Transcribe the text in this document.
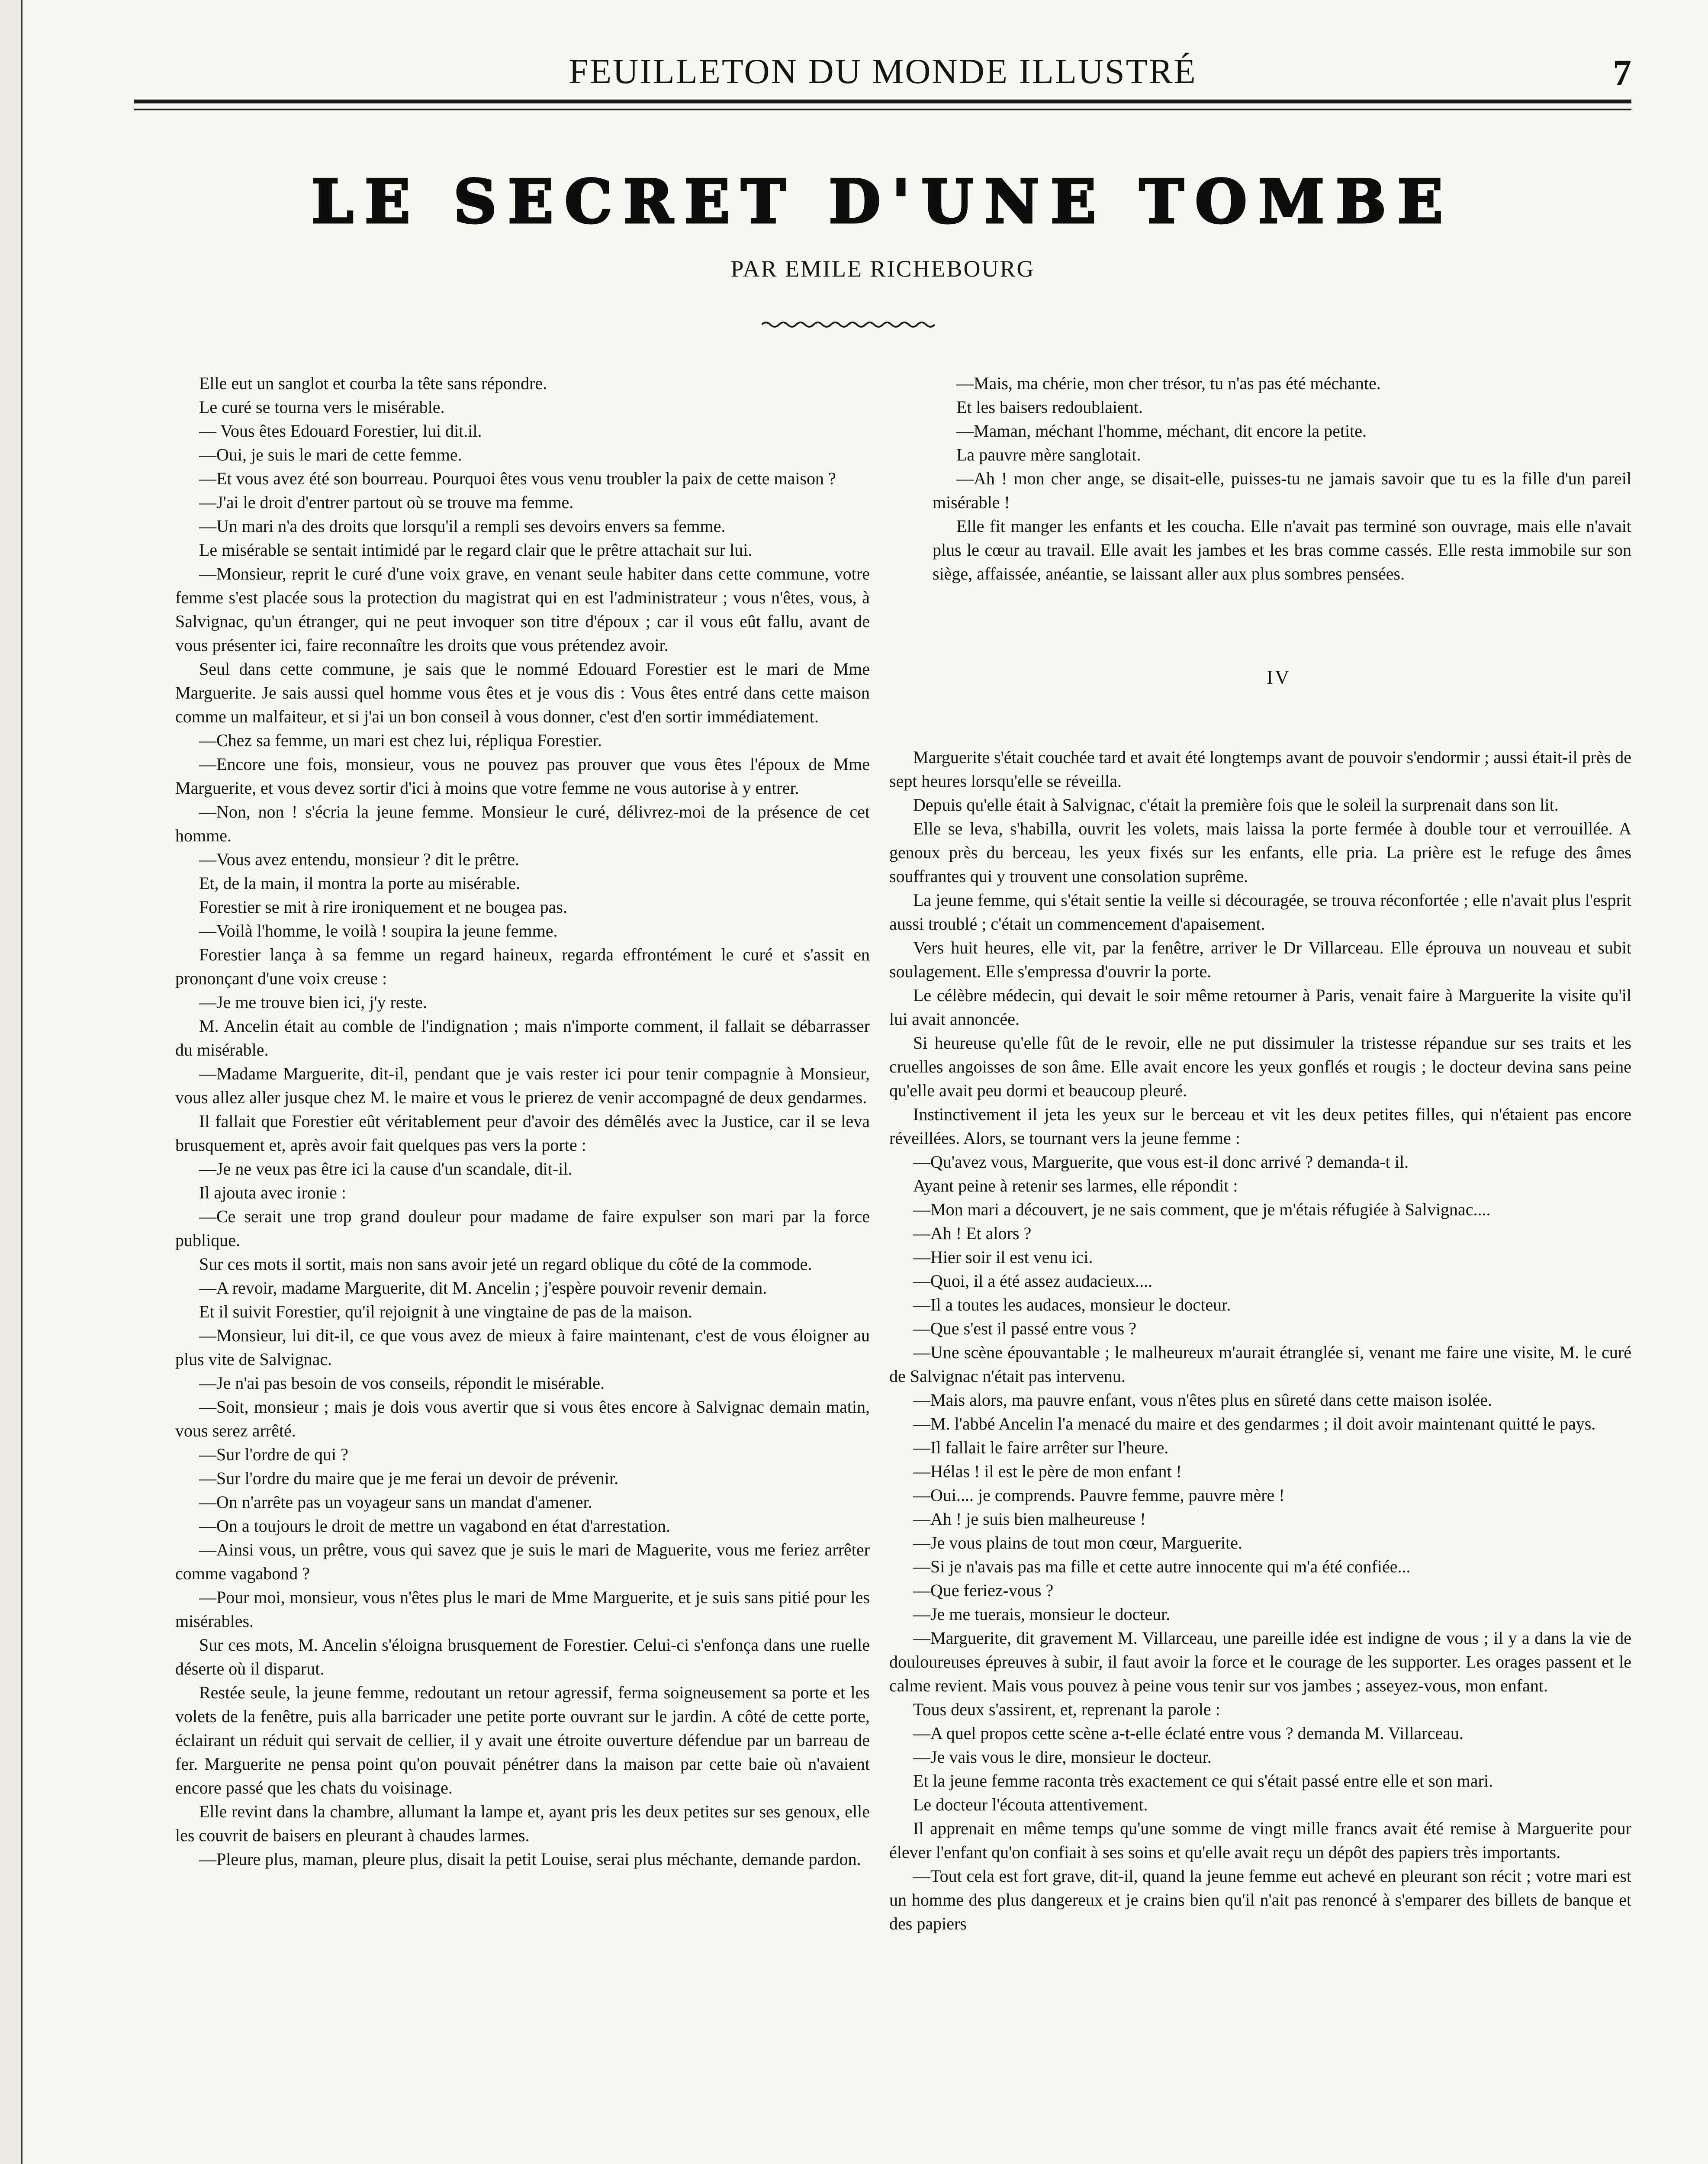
FEUILLETON DU MONDE ILLUSTRÉ	7
LE SECRET D'UNE TOMBE
PAR EMILE RICHEBOURG

Elle eut un sanglot et courba la tête sans répondre.

Le curé se tourna vers le misérable.

— Vous êtes Edouard Forestier, lui dit.il.

—Oui, je suis le mari de cette femme.

—Et vous avez été son bourreau. Pourquoi êtes vous venu troubler la paix de cette maison ?

—J'ai le droit d'entrer partout où se trouve ma femme.

—Un mari n'a des droits que lorsqu'il a rempli ses devoirs envers sa femme.

Le misérable se sentait intimidé par le regard clair que le prêtre attachait sur lui.

—Monsieur, reprit le curé d'une voix grave, en venant seule habiter dans cette commune, votre femme s'est placée sous la protection du magistrat qui en est l'administrateur ; vous n'êtes, vous, à Salvignac, qu'un étranger, qui ne peut invoquer son titre d'époux ; car il vous eût fallu, avant de vous présenter ici, faire reconnaître les droits que vous prétendez avoir.

Seul dans cette commune, je sais que le nommé Edouard Forestier est le mari de Mme Marguerite. Je sais aussi quel homme vous êtes et je vous dis : Vous êtes entré dans cette maison comme un malfaiteur, et si j'ai un bon conseil à vous donner, c'est d'en sortir immédiatement.

—Chez sa femme, un mari est chez lui, répliqua Forestier.

—Encore une fois, monsieur, vous ne pouvez pas prouver que vous êtes l'époux de Mme Marguerite, et vous devez sortir d'ici à moins que votre femme ne vous autorise à y entrer.

—Non, non ! s'écria la jeune femme. Monsieur le curé, délivrez-moi de la présence de cet homme.

—Vous avez entendu, monsieur ? dit le prêtre.

Et, de la main, il montra la porte au misérable.

Forestier se mit à rire ironiquement et ne bougea pas.

—Voilà l'homme, le voilà ! soupira la jeune femme.

Forestier lança à sa femme un regard haineux, regarda effrontément le curé et s'assit en prononçant d'une voix creuse :

—Je me trouve bien ici, j'y reste.

M. Ancelin était au comble de l'indignation ; mais n'importe comment, il fallait se débarrasser du misérable.

—Madame Marguerite, dit-il, pendant que je vais rester ici pour tenir compagnie à Monsieur, vous allez aller jusque chez M. le maire et vous le prierez de venir accompagné de deux gendarmes.

Il fallait que Forestier eût véritablement peur d'avoir des démêlés avec la Justice, car il se leva brusquement et, après avoir fait quelques pas vers la porte :

—Je ne veux pas être ici la cause d'un scandale, dit-il.

Il ajouta avec ironie :

—Ce serait une trop grand douleur pour madame de faire expulser son mari par la force publique.

Sur ces mots il sortit, mais non sans avoir jeté un regard oblique du côté de la commode.

—A revoir, madame Marguerite, dit M. Ancelin ; j'espère pouvoir revenir demain.

Et il suivit Forestier, qu'il rejoignit à une vingtaine de pas de la maison.

—Monsieur, lui dit-il, ce que vous avez de mieux à faire maintenant, c'est de vous éloigner au plus vite de Salvignac.

—Je n'ai pas besoin de vos conseils, répondit le misérable.

—Soit, monsieur ; mais je dois vous avertir que si vous êtes encore à Salvignac demain matin, vous serez arrêté.

—Sur l'ordre de qui ?

—Sur l'ordre du maire que je me ferai un devoir de prévenir.

—On n'arrête pas un voyageur sans un mandat d'amener.

—On a toujours le droit de mettre un vagabond en état d'arrestation.

—Ainsi vous, un prêtre, vous qui savez que je suis le mari de Maguerite, vous me feriez arrêter comme vagabond ?

—Pour moi, monsieur, vous n'êtes plus le mari de Mme Marguerite, et je suis sans pitié pour les misérables.

Sur ces mots, M. Ancelin s'éloigna brusquement de Forestier. Celui-ci s'enfonça dans une ruelle déserte où il disparut.

Restée seule, la jeune femme, redoutant un retour agressif, ferma soigneusement sa porte et les volets de la fenêtre, puis alla barricader une petite porte ouvrant sur le jardin. A côté de cette porte, éclairant un réduit qui servait de cellier, il y avait une étroite ouverture défendue par un barreau de fer. Marguerite ne pensa point qu'on pouvait pénétrer dans la maison par cette baie où n'avaient encore passé que les chats du voisinage.

Elle revint dans la chambre, allumant la lampe et, ayant pris les deux petites sur ses genoux, elle les couvrit de baisers en pleurant à chaudes larmes.

—Pleure plus, maman, pleure plus, disait la petit Louise, serai plus méchante, demande pardon.

—Mais, ma chérie, mon cher trésor, tu n'as pas été méchante.

Et les baisers redoublaient.

—Maman, méchant l'homme, méchant, dit encore la petite.

La pauvre mère sanglotait.

—Ah ! mon cher ange, se disait-elle, puisses-tu ne jamais savoir que tu es la fille d'un pareil misérable !

Elle fit manger les enfants et les coucha. Elle n'avait pas terminé son ouvrage, mais elle n'avait plus le cœur au travail. Elle avait les jambes et les bras comme cassés. Elle resta immobile sur son siège, affaissée, anéantie, se laissant aller aux plus sombres pensées.

IV

Marguerite s'était couchée tard et avait été longtemps avant de pouvoir s'endormir ; aussi était-il près de sept heures lorsqu'elle se réveilla.

Depuis qu'elle était à Salvignac, c'était la première fois que le soleil la surprenait dans son lit.

Elle se leva, s'habilla, ouvrit les volets, mais laissa la porte fermée à double tour et verrouillée. A genoux près du berceau, les yeux fixés sur les enfants, elle pria. La prière est le refuge des âmes souffrantes qui y trouvent une consolation suprême.

La jeune femme, qui s'était sentie la veille si découragée, se trouva réconfortée ; elle n'avait plus l'esprit aussi troublé ; c'était un commencement d'apaisement.

Vers huit heures, elle vit, par la fenêtre, arriver le Dr Villarceau. Elle éprouva un nouveau et subit soulagement. Elle s'empressa d'ouvrir la porte.

Le célèbre médecin, qui devait le soir même retourner à Paris, venait faire à Marguerite la visite qu'il lui avait annoncée.

Si heureuse qu'elle fût de le revoir, elle ne put dissimuler la tristesse répandue sur ses traits et les cruelles angoisses de son âme. Elle avait encore les yeux gonflés et rougis ; le docteur devina sans peine qu'elle avait peu dormi et beaucoup pleuré.

Instinctivement il jeta les yeux sur le berceau et vit les deux petites filles, qui n'étaient pas encore réveillées. Alors, se tournant vers la jeune femme :

—Qu'avez vous, Marguerite, que vous est-il donc arrivé ? demanda-t il.

Ayant peine à retenir ses larmes, elle répondit :

—Mon mari a découvert, je ne sais comment, que je m'étais réfugiée à Salvignac....

—Ah ! Et alors ?

—Hier soir il est venu ici.

—Quoi, il a été assez audacieux....

—Il a toutes les audaces, monsieur le docteur.

—Que s'est il passé entre vous ?

—Une scène épouvantable ; le malheureux m'aurait étranglée si, venant me faire une visite, M. le curé de Salvignac n'était pas intervenu.

—Mais alors, ma pauvre enfant, vous n'êtes plus en sûreté dans cette maison isolée.

—M. l'abbé Ancelin l'a menacé du maire et des gendarmes ; il doit avoir maintenant quitté le pays.

—Il fallait le faire arrêter sur l'heure.

—Hélas ! il est le père de mon enfant !

—Oui.... je comprends. Pauvre femme, pauvre mère !

—Ah ! je suis bien malheureuse !

—Je vous plains de tout mon cœur, Marguerite.

—Si je n'avais pas ma fille et cette autre innocente qui m'a été confiée...

—Que feriez-vous ?

—Je me tuerais, monsieur le docteur.

—Marguerite, dit gravement M. Villarceau, une pareille idée est indigne de vous ; il y a dans la vie de douloureuses épreuves à subir, il faut avoir la force et le courage de les supporter. Les orages passent et le calme revient. Mais vous pouvez à peine vous tenir sur vos jambes ; asseyez-vous, mon enfant.

Tous deux s'assirent, et, reprenant la parole :

—A quel propos cette scène a-t-elle éclaté entre vous ? demanda M. Villarceau.

—Je vais vous le dire, monsieur le docteur.

Et la jeune femme raconta très exactement ce qui s'était passé entre elle et son mari.

Le docteur l'écouta attentivement.

Il apprenait en même temps qu'une somme de vingt mille francs avait été remise à Marguerite pour élever l'enfant qu'on confiait à ses soins et qu'elle avait reçu un dépôt des papiers très importants.

—Tout cela est fort grave, dit-il, quand la jeune femme eut achevé en pleurant son récit ; votre mari est un homme des plus dangereux et je crains bien qu'il n'ait pas renoncé à s'emparer des billets de banque et des papiers
